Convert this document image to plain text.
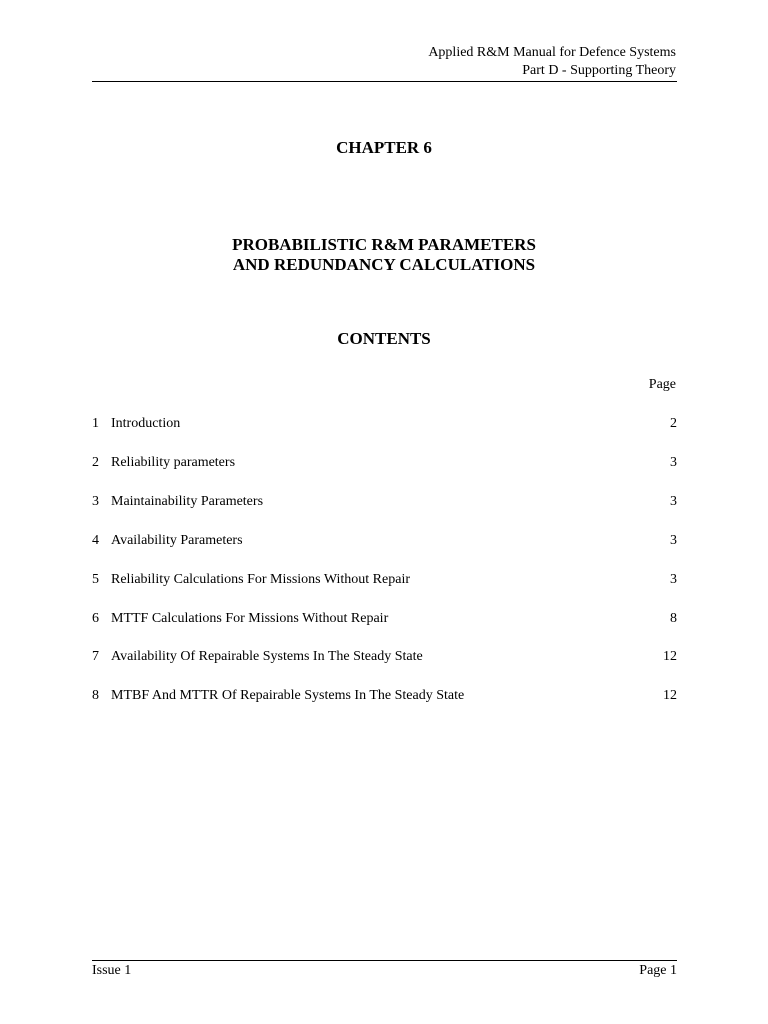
Applied R&M Manual for Defence Systems
Part D - Supporting Theory
CHAPTER 6
PROBABILISTIC R&M PARAMETERS
AND REDUNDANCY CALCULATIONS
CONTENTS
Page
1 Introduction	2
2 Reliability parameters	3
3 Maintainability Parameters	3
4 Availability Parameters	3
5 Reliability Calculations For Missions Without Repair	3
6 MTTF Calculations For Missions Without Repair	8
7 Availability Of Repairable Systems In The Steady State	12
8 MTBF And MTTR Of Repairable Systems In The Steady State	12
Issue 1	Page 1
